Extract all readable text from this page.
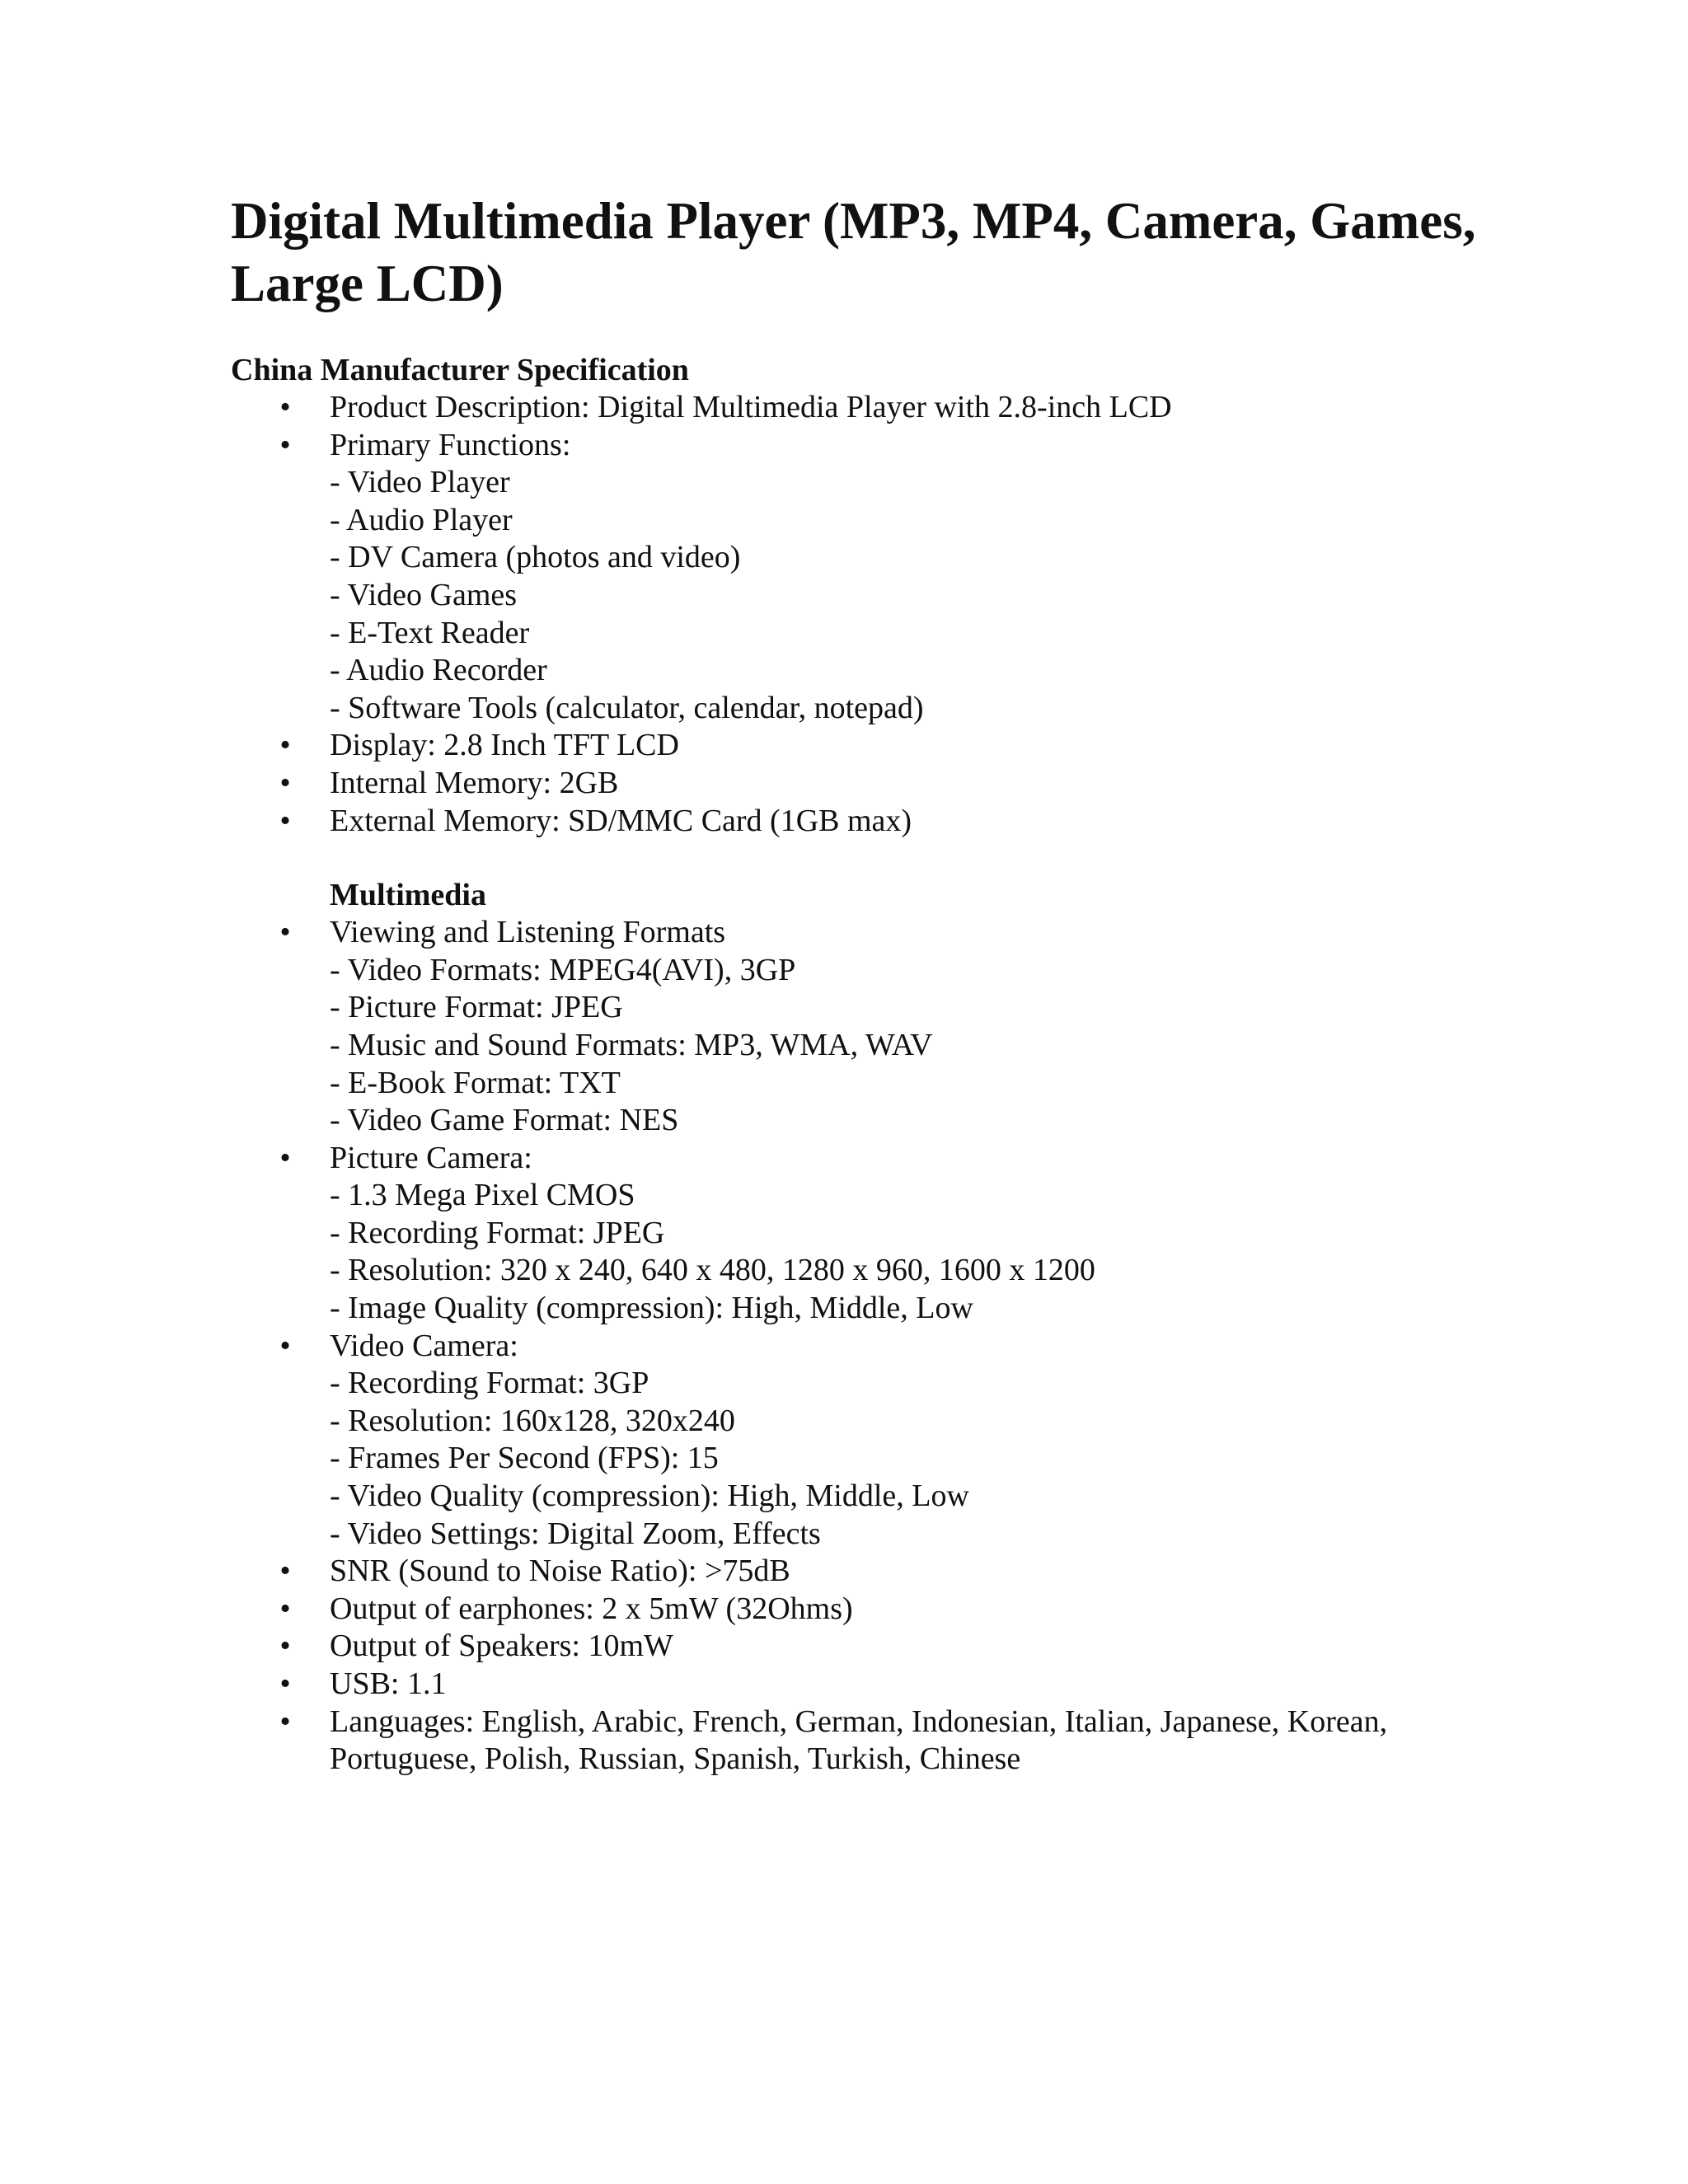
Digital Multimedia Player (MP3, MP4, Camera, Games, Large LCD)
China Manufacturer Specification
• Product Description: Digital Multimedia Player with 2.8-inch LCD
• Primary Functions:
- Video Player
- Audio Player
- DV Camera (photos and video)
- Video Games
- E-Text Reader
- Audio Recorder
- Software Tools (calculator, calendar, notepad)
• Display: 2.8 Inch TFT LCD
• Internal Memory: 2GB
• External Memory: SD/MMC Card (1GB max)
Multimedia
• Viewing and Listening Formats
- Video Formats: MPEG4(AVI), 3GP
- Picture Format: JPEG
- Music and Sound Formats: MP3, WMA, WAV
- E-Book Format: TXT
- Video Game Format: NES
• Picture Camera:
- 1.3 Mega Pixel CMOS
- Recording Format: JPEG
- Resolution: 320 x 240, 640 x 480, 1280 x 960, 1600 x 1200
- Image Quality (compression): High, Middle, Low
• Video Camera:
- Recording Format: 3GP
- Resolution: 160x128, 320x240
- Frames Per Second (FPS): 15
- Video Quality (compression): High, Middle, Low
- Video Settings: Digital Zoom, Effects
• SNR (Sound to Noise Ratio): >75dB
• Output of earphones: 2 x 5mW (32Ohms)
• Output of Speakers: 10mW
• USB: 1.1
• Languages: English, Arabic, French, German, Indonesian, Italian, Japanese, Korean,
Portuguese, Polish, Russian, Spanish, Turkish, Chinese
